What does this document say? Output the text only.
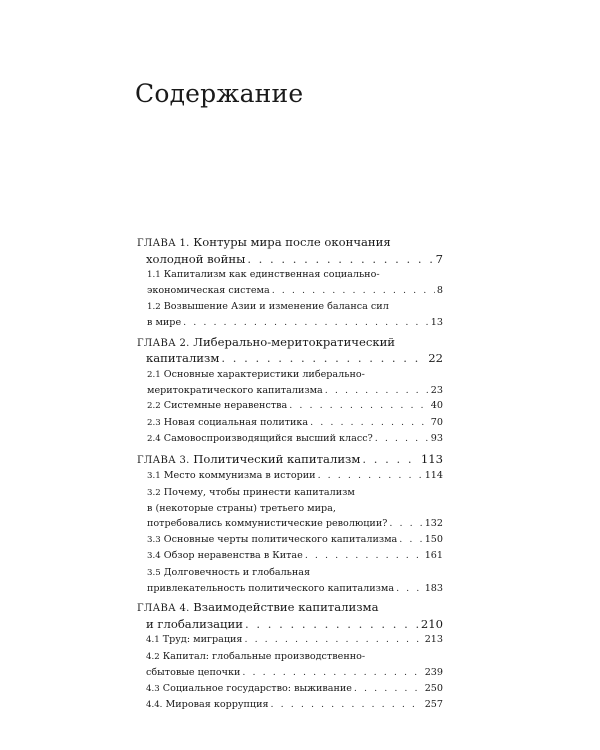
Содержание
ГЛАВА 1. Контуры мира после окончания
холодной войны . . .	7
1.1 Капитализм как единственная социально-
экономическая система . . .	8
1.2 Возвышение Азии и изменение баланса сил
в мире . . .	13
ГЛАВА 2. Либерально-меритократический
капитализм . . .	22
2.1 Основные характеристики либерально-
меритократического капитализма . . .	23
2.2 Системные неравенства . . .	40
2.3 Новая социальная политика . . .	70
2.4 Самовоспроизводящийся высший класс? . . .	93
ГЛАВА 3. Политический капитализм . . .	113
3.1 Место коммунизма в истории . . .	114
3.2 Почему, чтобы принести капитализм
в (некоторые страны) третьего мира,
потребовались коммунистические революции? . . .	132
3.3 Основные черты политического капитализма . . .	150
3.4 Обзор неравенства в Китае . . .	161
3.5 Долговечность и глобальная
привлекательность политического капитализма . . .	183
ГЛАВА 4. Взаимодействие капитализма
и глобализации . . .	210
4.1 Труд: миграция . . .	213
4.2 Капитал: глобальные производственно-
сбытовые цепочки . . .	239
4.3 Социальное государство: выживание . . .	250
4.4. Мировая коррупция . . .	257
